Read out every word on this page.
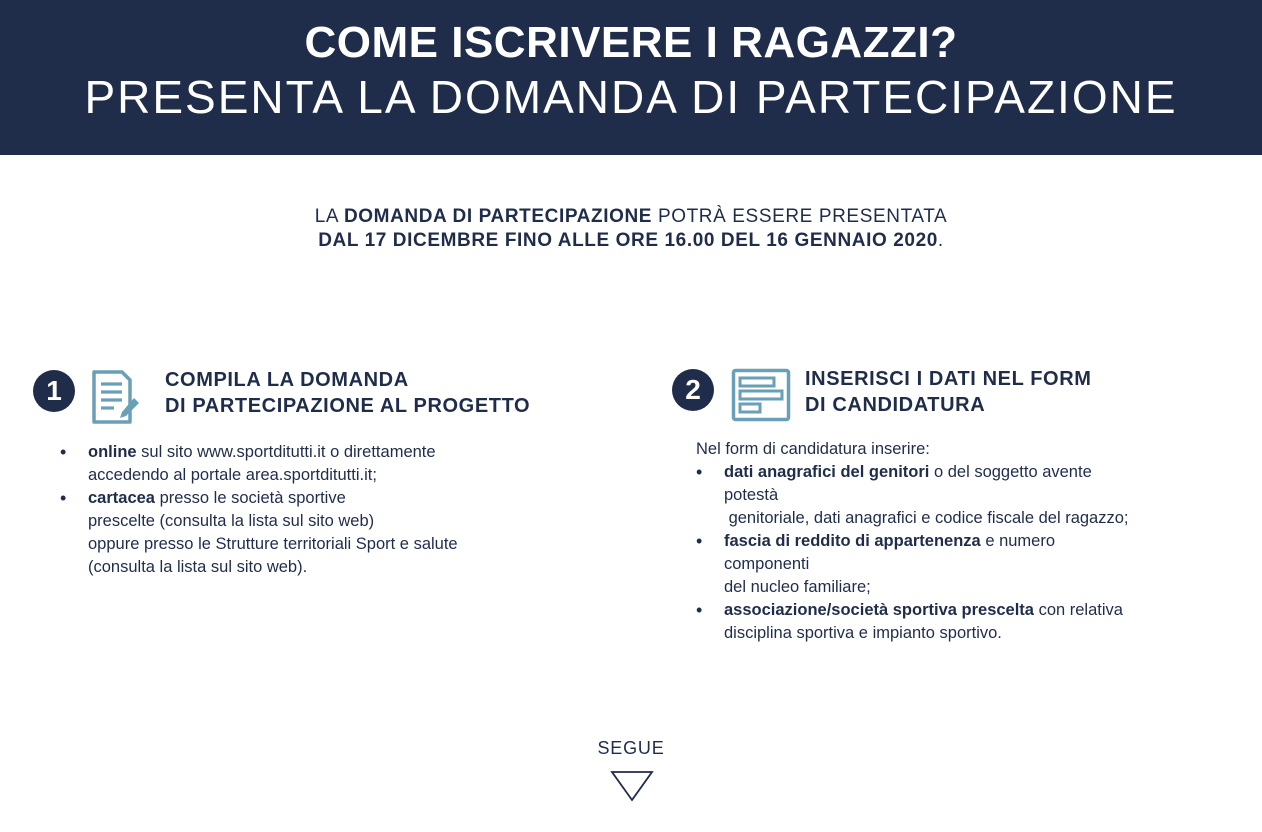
COME ISCRIVERE I RAGAZZI?
PRESENTA LA DOMANDA DI PARTECIPAZIONE
LA DOMANDA DI PARTECIPAZIONE POTRÀ ESSERE PRESENTATA
DAL 17 DICEMBRE FINO ALLE ORE 16.00 DEL 16 GENNAIO 2020.
1	COMPILA LA DOMANDA
DI PARTECIPAZIONE AL PROGETTO
• online sul sito www.sportditutti.it o direttamente
accedendo al portale area.sportditutti.it;
• cartacea presso le società sportive
prescelte (consulta la lista sul sito web)
oppure presso le Strutture territoriali Sport e salute
(consulta la lista sul sito web).
2	INSERISCI I DATI NEL FORM
DI CANDIDATURA
Nel form di candidatura inserire:
• dati anagrafici del genitori o del soggetto avente
potestà
genitoriale, dati anagrafici e codice fiscale del ragazzo;
• fascia di reddito di appartenenza e numero
componenti
del nucleo familiare;
• associazione/società sportiva prescelta con relativa
disciplina sportiva e impianto sportivo.
SEGUE
